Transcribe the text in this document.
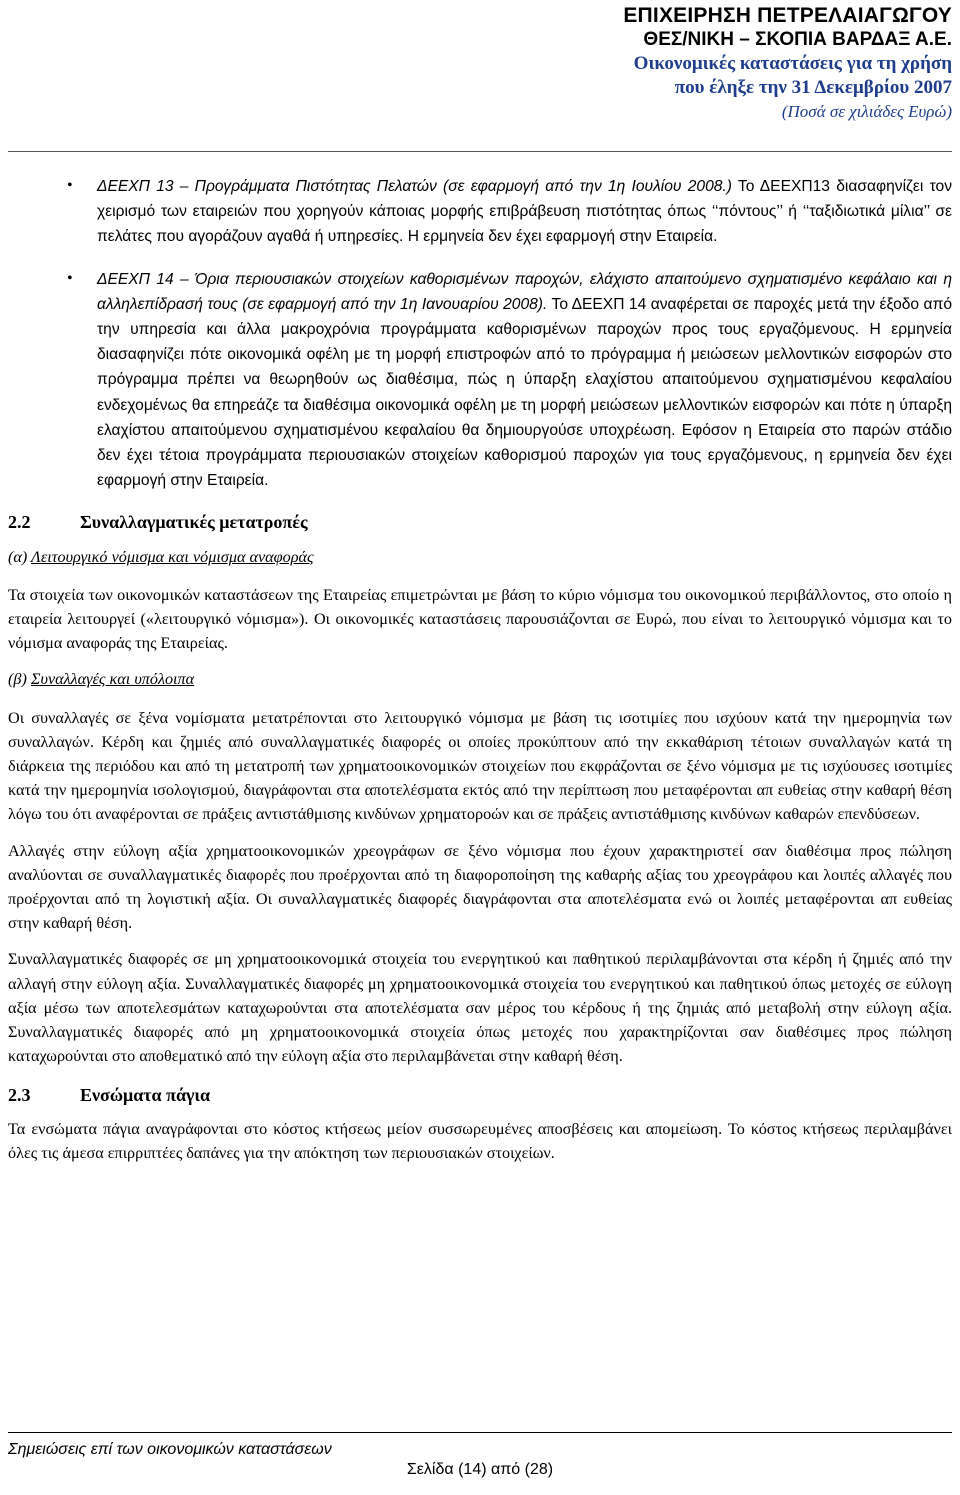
ΕΠΙΧΕΙΡΗΣΗ ΠΕΤΡΕΛΑΙΑΓΩΓΟΥ
ΘΕΣ/ΝΙΚΗ – ΣΚΟΠΙΑ ΒΑΡΔΑΞ Α.Ε.
Οικονομικές καταστάσεις για τη χρήση
που έληξε την 31 Δεκεμβρίου 2007
(Ποσά σε χιλιάδες Ευρώ)
• ΔΕΕΧΠ 13 – Προγράμματα Πιστότητας Πελατών (σε εφαρμογή από την 1η Ιουλίου 2008.) Το ΔΕΕΧΠ13 διασαφηνίζει τον χειρισμό των εταιρειών που χορηγούν κάποιας μορφής επιβράβευση πιστότητας όπως ‘‘πόντους’’ ή ‘‘ταξιδιωτικά μίλια’’ σε πελάτες που αγοράζουν αγαθά ή υπηρεσίες. Η ερμηνεία δεν έχει εφαρμογή στην Εταιρεία.
• ΔΕΕΧΠ 14 – Όρια περιουσιακών στοιχείων καθορισμένων παροχών, ελάχιστο απαιτούμενο σχηματισμένο κεφάλαιο και η αλληλεπίδρασή τους (σε εφαρμογή από την 1η Ιανουαρίου 2008). Το ΔΕΕΧΠ 14 αναφέρεται σε παροχές μετά την έξοδο από την υπηρεσία και άλλα μακροχρόνια προγράμματα καθορισμένων παροχών προς τους εργαζόμενους. Η ερμηνεία διασαφηνίζει πότε οικονομικά οφέλη με τη μορφή επιστροφών από το πρόγραμμα ή μειώσεων μελλοντικών εισφορών στο πρόγραμμα πρέπει να θεωρηθούν ως διαθέσιμα, πώς η ύπαρξη ελαχίστου απαιτούμενου σχηματισμένου κεφαλαίου ενδεχομένως θα επηρεάζε τα διαθέσιμα οικονομικά οφέλη με τη μορφή μειώσεων μελλοντικών εισφορών και πότε η ύπαρξη ελαχίστου απαιτούμενου σχηματισμένου κεφαλαίου θα δημιουργούσε υποχρέωση. Εφόσον η Εταιρεία στο παρών στάδιο δεν έχει τέτοια προγράμματα περιουσιακών στοιχείων καθορισμού παροχών για τους εργαζόμενους, η ερμηνεία δεν έχει εφαρμογή στην Εταιρεία.
2.2	Συναλλαγματικές μετατροπές

(α) Λειτουργικό νόμισμα και νόμισμα αναφοράς

Τα στοιχεία των οικονομικών καταστάσεων της Εταιρείας επιμετρώνται με βάση το κύριο νόμισμα του οικονομικού περιβάλλοντος, στο οποίο η εταιρεία λειτουργεί («λειτουργικό νόμισμα»). Οι οικονομικές καταστάσεις παρουσιάζονται σε Ευρώ, που είναι το λειτουργικό νόμισμα και το νόμισμα αναφοράς της Εταιρείας.

(β) Συναλλαγές και υπόλοιπα

Οι συναλλαγές σε ξένα νομίσματα μετατρέπονται στο λειτουργικό νόμισμα με βάση τις ισοτιμίες που ισχύουν κατά την ημερομηνία των συναλλαγών. Κέρδη και ζημιές από συναλλαγματικές διαφορές οι οποίες προκύπτουν από την εκκαθάριση τέτοιων συναλλαγών κατά τη διάρκεια της περιόδου και από τη μετατροπή των χρηματοοικονομικών στοιχείων που εκφράζονται σε ξένο νόμισμα με τις ισχύουσες ισοτιμίες κατά την ημερομηνία ισολογισμού, διαγράφονται στα αποτελέσματα εκτός από την περίπτωση που μεταφέρονται απ ευθείας στην καθαρή θέση λόγω του ότι αναφέρονται σε πράξεις αντιστάθμισης κινδύνων χρηματοροών και σε πράξεις αντιστάθμισης κινδύνων καθαρών επενδύσεων.

Αλλαγές στην εύλογη αξία χρηματοοικονομικών χρεογράφων σε ξένο νόμισμα που έχουν χαρακτηριστεί σαν διαθέσιμα προς πώληση αναλύονται σε συναλλαγματικές διαφορές που προέρχονται από τη διαφοροποίηση της καθαρής αξίας του χρεογράφου και λοιπές αλλαγές που προέρχονται από τη λογιστική αξία. Οι συναλλαγματικές διαφορές διαγράφονται στα αποτελέσματα ενώ οι λοιπές μεταφέρονται απ ευθείας στην καθαρή θέση.

Συναλλαγματικές διαφορές σε μη χρηματοοικονομικά στοιχεία του ενεργητικού και παθητικού περιλαμβάνονται στα κέρδη ή ζημιές από την αλλαγή στην εύλογη αξία. Συναλλαγματικές διαφορές μη χρηματοοικονομικά στοιχεία του ενεργητικού και παθητικού όπως μετοχές σε εύλογη αξία μέσω των αποτελεσμάτων καταχωρούνται στα αποτελέσματα σαν μέρος του κέρδους ή της ζημιάς από μεταβολή στην εύλογη αξία. Συναλλαγματικές διαφορές από μη χρηματοοικονομικά στοιχεία όπως μετοχές που χαρακτηρίζονται σαν διαθέσιμες προς πώληση καταχωρούνται στο αποθεματικό από την εύλογη αξία στο περιλαμβάνεται στην καθαρή θέση.

2.3	Ενσώματα πάγια

Τα ενσώματα πάγια αναγράφονται στο κόστος κτήσεως μείον συσσωρευμένες αποσβέσεις και απομείωση. Το κόστος κτήσεως περιλαμβάνει όλες τις άμεσα επιρριπτέες δαπάνες για την απόκτηση των περιουσιακών στοιχείων.

Σημειώσεις επί των οικονομικών καταστάσεων
Σελίδα (14) από (28)
